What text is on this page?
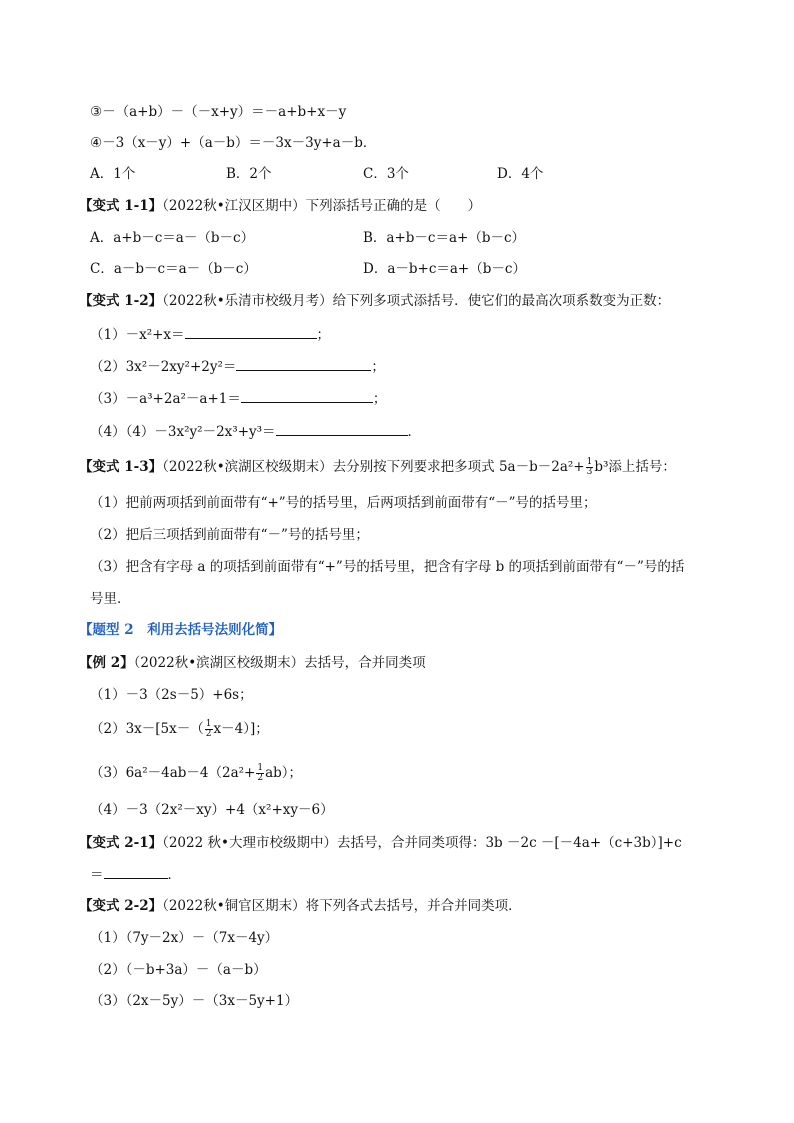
③－（a+b）－（－x+y）＝－a+b+x－y
④－3（x－y）+（a－b）＝－3x－3y+a－b．
A．1个	B．2个	C．3个	D．4个
【变式 1-1】（2022秋•江汉区期中）下列添括号正确的是（　　）
A．a+b－c＝a－（b－c）	B．a+b－c＝a+（b－c）
C．a－b－c＝a－（b－c）	D．a－b+c＝a+（b－c）
【变式 1-2】（2022秋•乐清市校级月考）给下列多项式添括号．使它们的最高次项系数变为正数：
（1）－x²+x＝	；
（2）3x²－2xy²+2y²＝	；
（3）－a³+2a²－a+1＝	；
（4）（4）－3x²y²－2x³+y³＝	．
【变式 1-3】（2022秋•滨湖区校级期末）去分别按下列要求把多项式 $5a-b-2a^2+ \frac{1}{3} b^3$添上括号：
（1）把前两项括到前面带有“+”号的括号里，后两项括到前面带有“－”号的括号里；
（2）把后三项括到前面带有“－”号的括号里；
（3）把含有字母 a 的项括到前面带有“+”号的括号里，把含有字母 b 的项括到前面带有“－”号的括
号里．
【题型 2　利用去括号法则化简】
【例 2】（2022秋•滨湖区校级期末）去括号，合并同类项
（1）－3（2s－5）+6s；
$(2)3x-[5x-( \frac{1}{2} x-4)]$；
$(3)6a^2-4ab-4(2a^2+ \frac{1}{2} ab)$；
（4）－3（2x²－xy）+4（x²+xy－6）
【变式 2-1】（2022 秋•大理市校级期中）去括号，合并同类项得：3b －2c －[－4a+（c+3b）]+c
＝	．
【变式 2-2】（2022秋•铜官区期末）将下列各式去括号，并合并同类项．
（1）（7y－2x）－（7x－4y）
（2）（－b+3a）－（a－b）
（3）（2x－5y）－（3x－5y+1）
